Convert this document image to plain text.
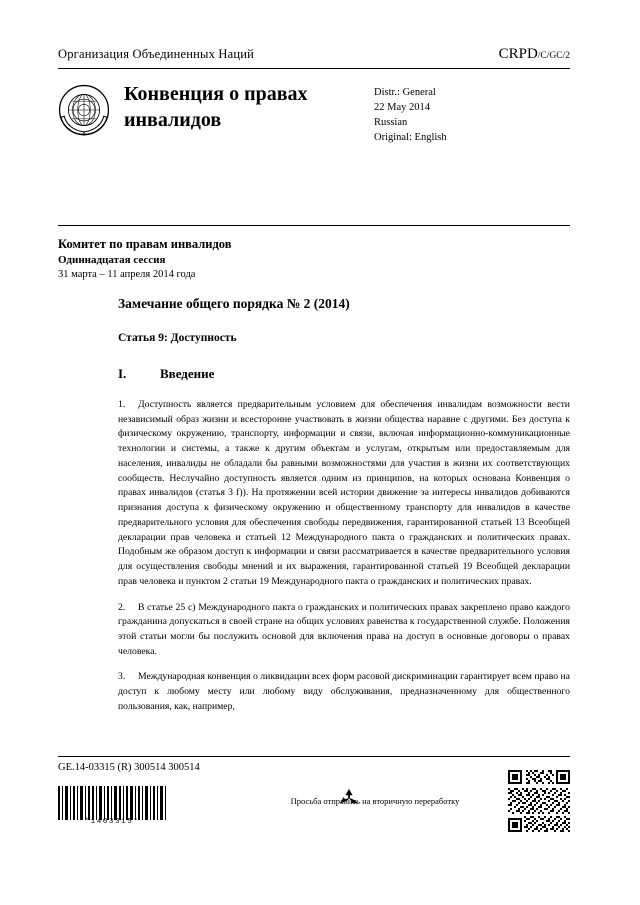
Организация Объединенных Наций	CRPD/C/GC/2
Конвенция о правах инвалидов
Distr.: General
22 May 2014
Russian
Original: English
Комитет по правам инвалидов
Одиннадцатая сессия
31 марта – 11 апреля 2014 года
Замечание общего порядка № 2 (2014)
Статья 9: Доступность
I.	Введение

1. Доступность является предварительным условием для обеспечения инвалидам возможности вести независимый образ жизни и всесторонне участвовать в жизни общества наравне с другими. Без доступа к физическому окружению, транспорту, информации и связи, включая информационно-коммуникационные технологии и системы, а также к другим объектам и услугам, открытым или предоставляемым для населения, инвалиды не обладали бы равными возможностями для участия в жизни их соответствующих сообществ. Неслучайно доступность является одним из принципов, на которых основана Конвенция о правах инвалидов (статья 3 f)). На протяжении всей истории движение за интересы инвалидов добиваются признания доступа к физическому окружению и общественному транспорту для инвалидов в качестве предварительного условия для обеспечения свободы передвижения, гарантированной статьей 13 Всеобщей декларации прав человека и статьей 12 Международного пакта о гражданских и политических правах. Подобным же образом доступ к информации и связи рассматривается в качестве предварительного условия для осуществления свободы мнений и их выражения, гарантированной статьей 19 Всеобщей декларации прав человека и пунктом 2 статьи 19 Международного пакта о гражданских и политических правах.

2. В статье 25 с) Международного пакта о гражданских и политических правах закреплено право каждого гражданина допускаться в своей стране на общих условиях равенства к государственной службе. Положения этой статьи могли бы послужить основой для включения права на доступ в основные договоры о правах человека.

3. Международная конвенция о ликвидации всех форм расовой дискриминации гарантирует всем право на доступ к любому месту или любому виду обслуживания, предназначенному для общественного пользования, как, например,

GE.14-03315 (R) 300514 300514
*1403315*
Просьба отправить на вторичную переработку
